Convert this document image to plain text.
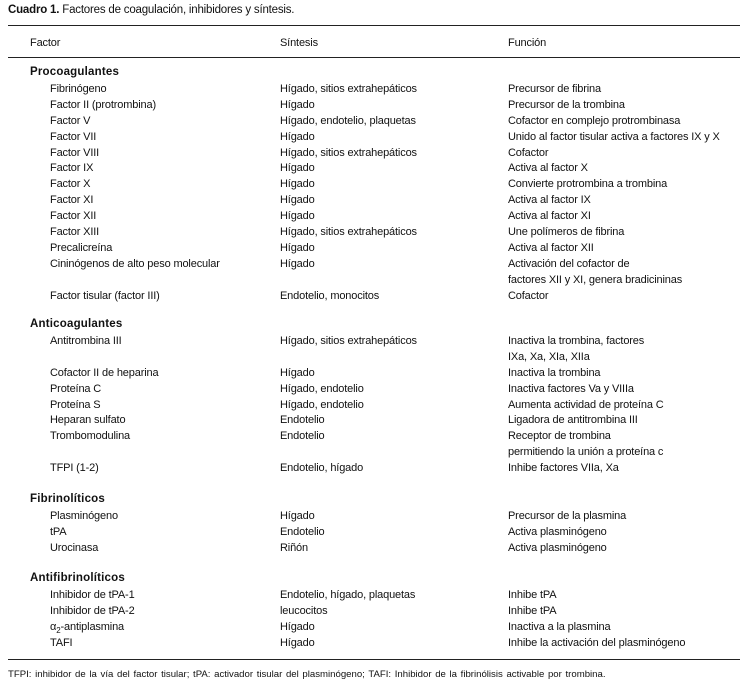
Cuadro 1. Factores de coagulación, inhibidores y síntesis.
Factor	Síntesis	Función
Procoagulantes
Fibrinógeno	Hígado, sitios extrahepáticos	Precursor de fibrina
Factor II (protrombina)	Hígado	Precursor de la trombina
Factor V	Hígado, endotelio, plaquetas	Cofactor en complejo protrombinasa
Factor VII	Hígado	Unido al factor tisular activa a factores IX y X
Factor VIII	Hígado, sitios extrahepáticos	Cofactor
Factor IX	Hígado	Activa al factor X
Factor X	Hígado	Convierte protrombina a trombina
Factor XI	Hígado	Activa al factor IX
Factor XII	Hígado	Activa al factor XI
Factor XIII	Hígado, sitios extrahepáticos	Une polímeros de fibrina
Precalicreína	Hígado	Activa al factor XII
Cininógenos de alto peso molecular	Hígado	Activación del cofactor de
factores XII y XI, genera bradicininas
Factor tisular (factor III)	Endotelio, monocitos	Cofactor
Anticoagulantes
Antitrombina III	Hígado, sitios extrahepáticos	Inactiva la trombina, factores
IXa, Xa, XIa, XIIa
Cofactor II de heparina	Hígado	Inactiva la trombina
Proteína C	Hígado, endotelio	Inactiva factores Va y VIIIa
Proteína S	Hígado, endotelio	Aumenta actividad de proteína C
Heparan sulfato	Endotelio	Ligadora de antitrombina III
Trombomodulina	Endotelio	Receptor de trombina
permitiendo la unión a proteína c
TFPI (1-2)	Endotelio, hígado	Inhibe factores VIIa, Xa
Fibrinolíticos
Plasminógeno	Hígado	Precursor de la plasmina
tPA	Endotelio	Activa plasminógeno
Urocinasa	Riñón	Activa plasminógeno
Antifibrinolíticos
Inhibidor de tPA-1	Endotelio, hígado, plaquetas	Inhibe tPA
Inhibidor de tPA-2	leucocitos	Inhibe tPA
$\alpha_2$-antiplasmina	Hígado	Inactiva a la plasmina
TAFI	Hígado	Inhibe la activación del plasminógeno
TFPI: inhibidor de la vía del factor tisular; tPA: activador tisular del plasminógeno; TAFI: Inhibidor de la fibrinólisis activable por trombina.
